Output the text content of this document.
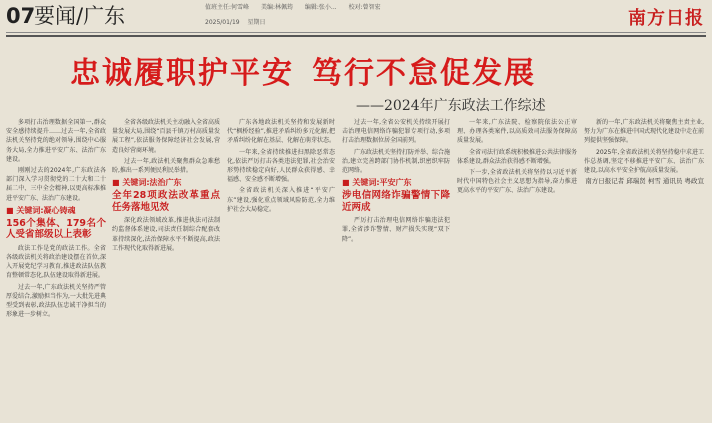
07
要闻/广东	值班主任:何雪峰 美编:林佩筠 编辑:张小... 校对:曾智宏
2025/01/19 星期日	南方日报
忠诚履职护平安 笃行不怠促发展
——2024年广东政法工作综述

多项打击治理数据全国第一,群众安全感持续提升……过去一年,全省政法机关坚持党的绝对领导,围绕中心服务大局,全力推进平安广东、法治广东建设。

刚刚过去的2024年,广东政法各部门深入学习贯彻党的二十大和二十届二中、三中全会精神,以更高标准推进平安广东、法治广东建设。

■ 关键词:凝心铸魂
156个集体、179名个人受省部级以上表彰

政法工作是党的政法工作。全省各级政法机关将政治建设摆在首位,深入开展党纪学习教育,推进政法队伍教育整顿常态化,队伍建设取得新进展。

过去一年,广东政法机关坚持严管厚爱结合,激励担当作为,一大批先进典型受到表彰,政法队伍忠诚干净担当的形象进一步树立。

全省各级政法机关主动融入全省高质量发展大局,围绕“百县千镇万村高质量发展工程”,依法服务保障经济社会发展,营造良好营商环境。

过去一年,政法机关聚焦群众急难愁盼,推出一系列便民利民举措。

■ 关键词:法治广东
全年28项政法改革重点任务落地见效

深化政法领域改革,推进执法司法制约监督体系建设,司法责任制综合配套改革持续深化,法治保障水平不断提高,政法工作现代化取得新进展。

广东各地政法机关坚持和发展新时代“枫桥经验”,推进矛盾纠纷多元化解,把矛盾纠纷化解在基层、化解在萌芽状态。

一年来,全省持续推进扫黑除恶常态化,依法严厉打击各类违法犯罪,社会治安形势持续稳定向好,人民群众获得感、幸福感、安全感不断增强。

全省政法机关深入推进“平安广东”建设,强化重点领域风险防范,全力维护社会大局稳定。

过去一年,全省公安机关持续开展打击治理电信网络诈骗犯罪专项行动,多项打击治理数据位居全国前列。

广东政法机关坚持打防并举、综合施治,建立完善跨部门协作机制,织密织牢防范网络。

■ 关键词:平安广东
涉电信网络诈骗警情下降近两成

严厉打击治理电信网络诈骗违法犯罪,全省涉诈警情、财产损失实现“双下降”。

一年来,广东法院、检察院依法公正审理、办理各类案件,以高质效司法服务保障高质量发展。

全省司法行政系统积极推进公共法律服务体系建设,群众法治获得感不断增强。

下一步,全省政法机关将坚持以习近平新时代中国特色社会主义思想为指导,奋力推进更高水平的平安广东、法治广东建设。

新的一年,广东政法机关将聚焦主责主业,努力为广东在推进中国式现代化建设中走在前列提供坚强保障。

2025年,全省政法机关将坚持稳中求进工作总基调,坚定不移推进平安广东、法治广东建设,以高水平安全护航高质量发展。

南方日报记者 邱瑞贤 柯雪 通讯员 粤政宣
